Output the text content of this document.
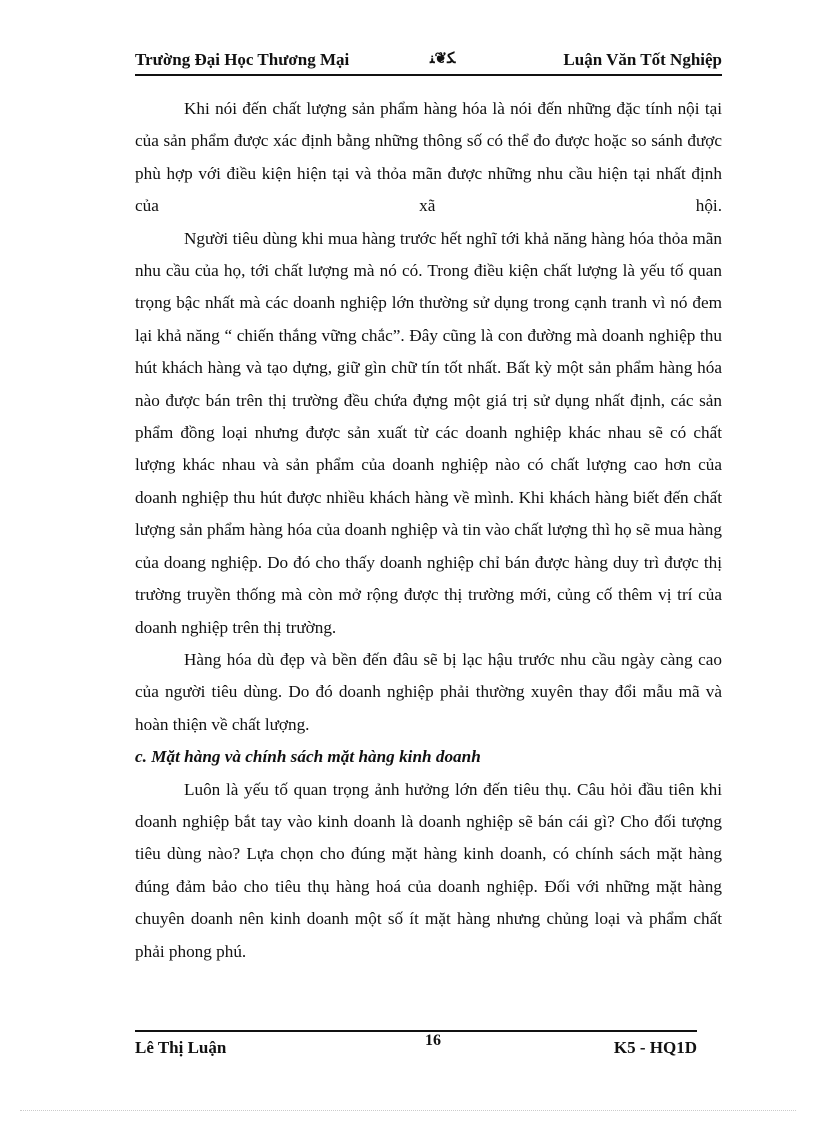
Trường Đại Học Thương Mại	ﻜ❦ﻨ	Luận Văn Tốt Nghiệp

Khi nói đến chất lượng sản phẩm hàng hóa là nói đến những đặc tính nội tại của sản phẩm được xác định bằng những thông số có thể đo được hoặc so sánh được phù hợp với điều kiện hiện tại và thỏa mãn được những nhu cầu hiện tại nhất định của xã hội.

Người tiêu dùng khi mua hàng trước hết nghĩ tới khả năng hàng hóa thỏa mãn nhu cầu của họ, tới chất lượng mà nó có. Trong điều kiện chất lượng là yếu tố quan trọng bậc nhất mà các doanh nghiệp lớn thường sử dụng trong cạnh tranh vì nó đem lại khả năng “ chiến thắng vững chắc”. Đây cũng là con đường mà doanh nghiệp thu hút khách hàng và tạo dựng, giữ gìn chữ tín tốt nhất. Bất kỳ một sản phẩm hàng hóa nào được bán trên thị trường đều chứa đựng một giá trị sử dụng nhất định, các sản phẩm đồng loại nhưng được sản xuất từ các doanh nghiệp khác nhau sẽ có chất lượng khác nhau và sản phẩm của doanh nghiệp nào có chất lượng cao hơn của doanh nghiệp thu hút được nhiều khách hàng về mình. Khi khách hàng biết đến chất lượng sản phẩm hàng hóa của doanh nghiệp và tin vào chất lượng thì họ sẽ mua hàng của doang nghiệp. Do đó cho thấy doanh nghiệp chỉ bán được hàng duy trì được thị trường truyền thống mà còn mở rộng được thị trường mới, củng cố thêm vị trí của doanh nghiệp trên thị trường.

Hàng hóa dù đẹp và bền đến đâu sẽ bị lạc hậu trước nhu cầu ngày càng cao của người tiêu dùng. Do đó doanh nghiệp phải thường xuyên thay đổi mẫu mã và hoàn thiện về chất lượng.

c. Mặt hàng và chính sách mặt hàng kinh doanh

Luôn là yếu tố quan trọng ảnh hưởng lớn đến tiêu thụ. Câu hỏi đầu tiên khi doanh nghiệp bắt tay vào kinh doanh là doanh nghiệp sẽ bán cái gì? Cho đối tượng tiêu dùng nào? Lựa chọn cho đúng mặt hàng kinh doanh, có chính sách mặt hàng đúng đảm bảo cho tiêu thụ hàng hoá của doanh nghiệp. Đối với những mặt hàng chuyên doanh nên kinh doanh một số ít mặt hàng nhưng chủng loại và phẩm chất phải phong phú.

Lê Thị Luận	16	K5 - HQ1D
